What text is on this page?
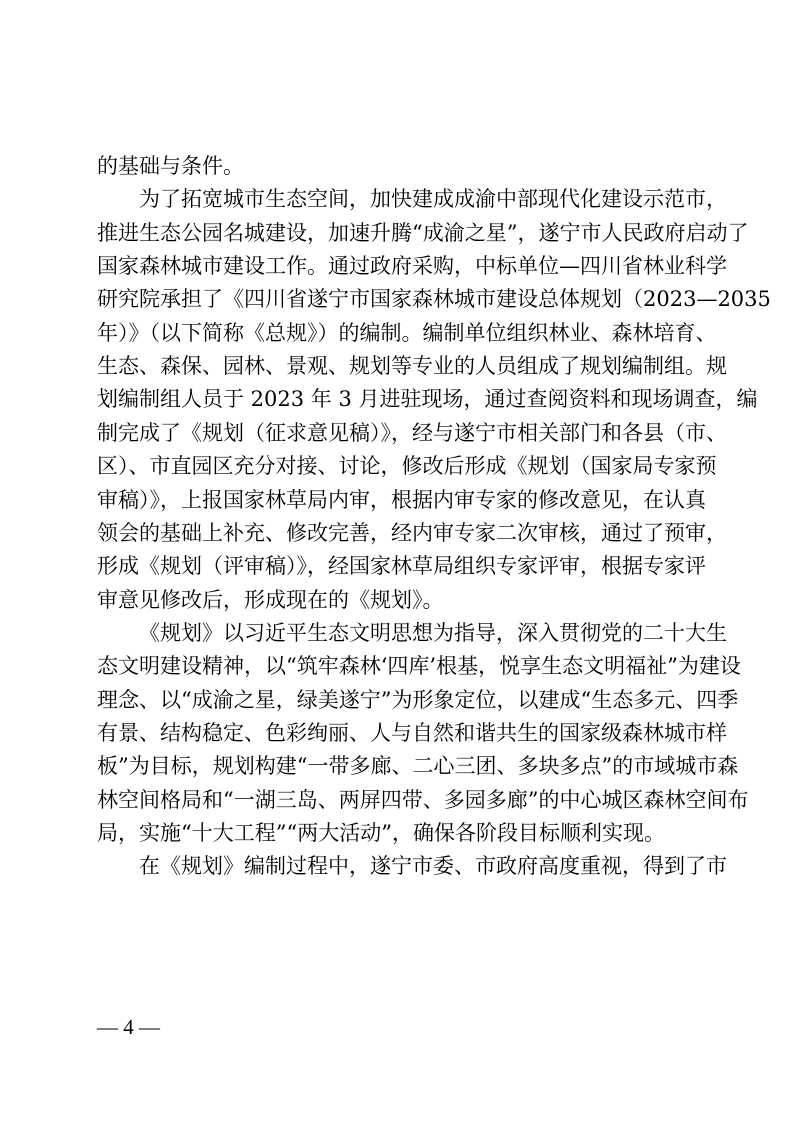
的基础与条件。
为了拓宽城市生态空间，加快建成成渝中部现代化建设示范市，
推进生态公园名城建设，加速升腾“成渝之星”，遂宁市人民政府启动了
国家森林城市建设工作。通过政府采购，中标单位—四川省林业科学
研究院承担了《四川省遂宁市国家森林城市建设总体规划（2023—2035
年）》（以下简称《总规》）的编制。编制单位组织林业、森林培育、
生态、森保、园林、景观、规划等专业的人员组成了规划编制组。规
划编制组人员于 2023 年 3 月进驻现场，通过查阅资料和现场调查，编
制完成了《规划（征求意见稿）》，经与遂宁市相关部门和各县（市、
区）、市直园区充分对接、讨论，修改后形成《规划（国家局专家预
审稿）》，上报国家林草局内审，根据内审专家的修改意见，在认真
领会的基础上补充、修改完善，经内审专家二次审核，通过了预审，
形成《规划（评审稿）》，经国家林草局组织专家评审，根据专家评
审意见修改后，形成现在的《规划》。
《规划》以习近平生态文明思想为指导，深入贯彻党的二十大生
态文明建设精神，以“筑牢森林‘四库’根基，悦享生态文明福祉”为建设
理念、以“成渝之星，绿美遂宁”为形象定位，以建成“生态多元、四季
有景、结构稳定、色彩绚丽、人与自然和谐共生的国家级森林城市样
板”为目标，规划构建“一带多廊、二心三团、多块多点”的市域城市森
林空间格局和“一湖三岛、两屏四带、多园多廊”的中心城区森林空间布
局，实施“十大工程”“两大活动”，确保各阶段目标顺利实现。
在《规划》编制过程中，遂宁市委、市政府高度重视，得到了市
— 4 —
